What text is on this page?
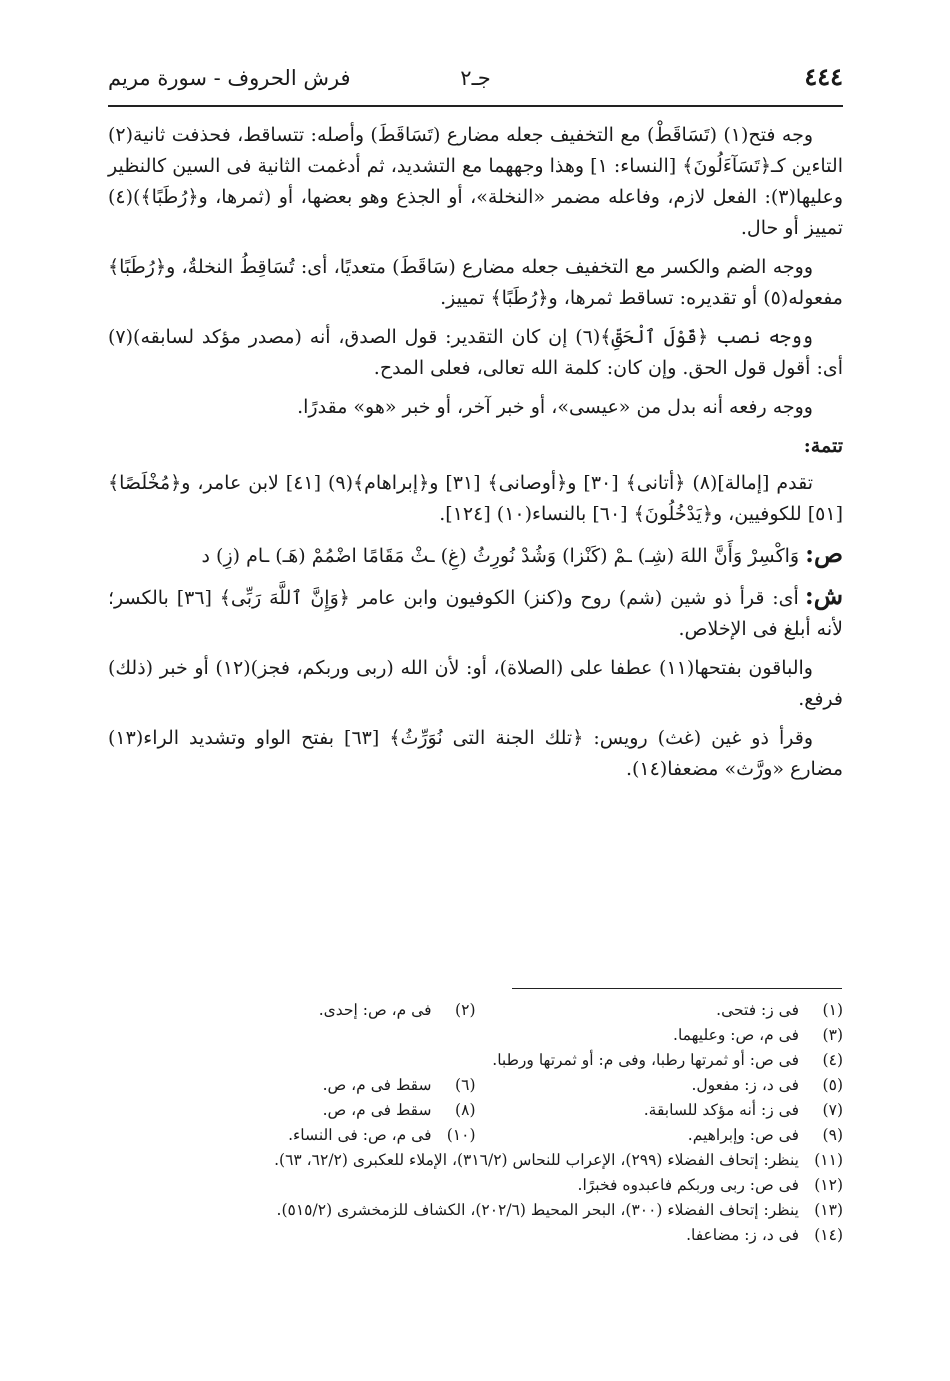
٤٤٤
جـ٢
فرش الحروف - سورة مريم

وجه فتح(١) (تَسَاقَطْ) مع التخفيف جعله مضارع (تَسَاقَطَ) وأصله: تتساقط، فحذفت ثانية(٢) التاءين كـ﴿تَسَآءَلُونَ﴾ [النساء: ١] وهذا وجههما مع التشديد، ثم أدغمت الثانية فى السين كالنظير وعليها(٣): الفعل لازم، وفاعله مضمر «النخلة»، أو الجذع وهو بعضها، أو (ثمرها، و﴿رُطَبًا﴾)(٤) تمييز أو حال.

ووجه الضم والكسر مع التخفيف جعله مضارع (سَاقَطَ) متعديًا، أى: تُسَاقِطُ النخلةُ، و﴿رُطَبًا﴾ مفعوله(٥) أو تقديره: تساقط ثمرها، و﴿رُطَبًا﴾ تمييز.

ووجه نصب ﴿قَوْلَ ٱلْحَقِّ﴾(٦) إن كان التقدير: قول الصدق، أنه (مصدر مؤكد لسابقه)(٧) أى: أقول قول الحق. وإن كان: كلمة الله تعالى، فعلى المدح.

ووجه رفعه أنه بدل من «عيسى»، أو خبر آخر، أو خبر «هو» مقدرًا.

تتمة:

تقدم [إمالة](٨) ﴿أتانى﴾ [٣٠] و﴿أوصانى﴾ [٣١] و﴿إبراهام﴾(٩) [٤١] لابن عامر، و﴿مُخْلَصًا﴾ [٥١] للكوفيين، و﴿يَدْخُلُونَ﴾ [٦٠] بالنساء(١٠) [١٢٤].

ص:وَاكْسِرْ وَأَنَّ اللهَ (شِـ) ـمْ (كَنْزا) وَشُدْ نُورِثُ (غِ) ـثْ مَقَامًا اضْمُمْ (هَـ) ـام (زِ) د

ش:أى: قرأ ذو شين (شم) روح و(كنز) الكوفيون وابن عامر ﴿وَإِنَّ ٱللَّهَ رَبِّى﴾ [٣٦] بالكسر؛ لأنه أبلغ فى الإخلاص.

والباقون بفتحها(١١) عطفا على (الصلاة)، أو: لأن الله (ربى وربكم، فجز)(١٢) أو خبر (ذلك) فرفع.

وقرأ ذو غين (غث) رويس: ﴿تلك الجنة التى نُوَرِّثُ﴾ [٦٣] بفتح الواو وتشديد الراء(١٣) مضارع «ورَّث» مضعفا(١٤).

(١)
فى ز: فتحى.
(٢)
فى م، ص: إحدى.
(٣)
فى م، ص: وعليهما.
(٤)
فى ص: أو ثمرتها رطبا، وفى م: أو ثمرتها ورطبا.
(٥)
فى د، ز: مفعول.
(٦)
سقط فى م، ص.
(٧)
فى ز: أنه مؤكد للسابقة.
(٨)
سقط فى م، ص.
(٩)
فى ص: وإبراهيم.
(١٠)
فى م، ص: فى النساء.
(١١)
ينظر: إتحاف الفضلاء (٢٩٩)، الإعراب للنحاس (٣١٦/٢)، الإملاء للعكبرى (٦٢/٢، ٦٣).
(١٢)
فى ص: ربى وربكم فاعبدوه فخبرًا.
(١٣)
ينظر: إتحاف الفضلاء (٣٠٠)، البحر المحيط (٢٠٢/٦)، الكشاف للزمخشرى (٥١٥/٢).
(١٤)
فى د، ز: مضاعفا.
